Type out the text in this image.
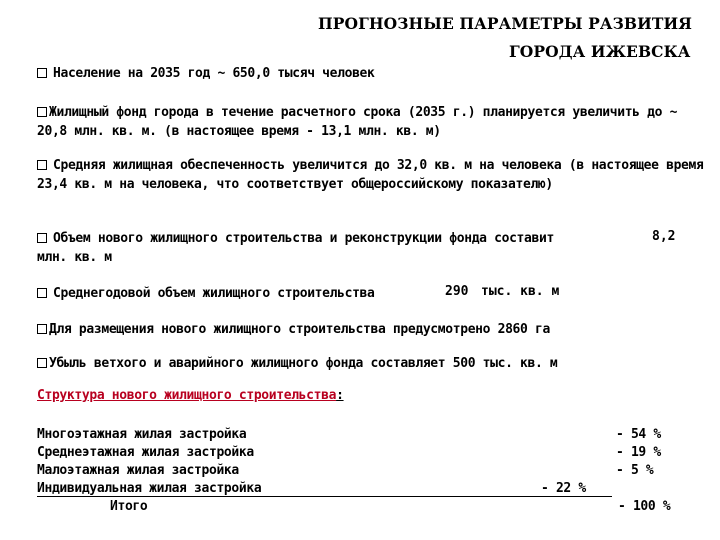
ПРОГНОЗНЫЕ ПАРАМЕТРЫ РАЗВИТИЯ
ГОРОДА ИЖЕВСКА
Население на 2035 год ~ 650,0 тысяч человек
Жилищный фонд города в течение расчетного срока (2035 г.) планируется увеличить до ~ 20,8 млн. кв. м. (в настоящее время - 13,1 млн. кв. м)
Средняя жилищная обеспеченность увеличится до 32,0 кв. м на человека (в настоящее время 23,4 кв. м на человека, что соответствует общероссийскому показателю)
Объем нового жилищного строительства и реконструкции фонда составит
млн. кв. м
8,2
Среднегодовой объем жилищного строительства	290 тыс. кв. м
Для размещения нового жилищного строительства предусмотрено 2860 га
Убыль ветхого и аварийного жилищного фонда составляет 500 тыс. кв. м
Структура нового жилищного строительства:
Многоэтажная жилая застройка	- 54 %
Среднеэтажная жилая застройка	- 19 %
Малоэтажная жилая застройка	- 5 %
Индивидуальная жилая застройка	- 22 %
Итого	- 100 %
